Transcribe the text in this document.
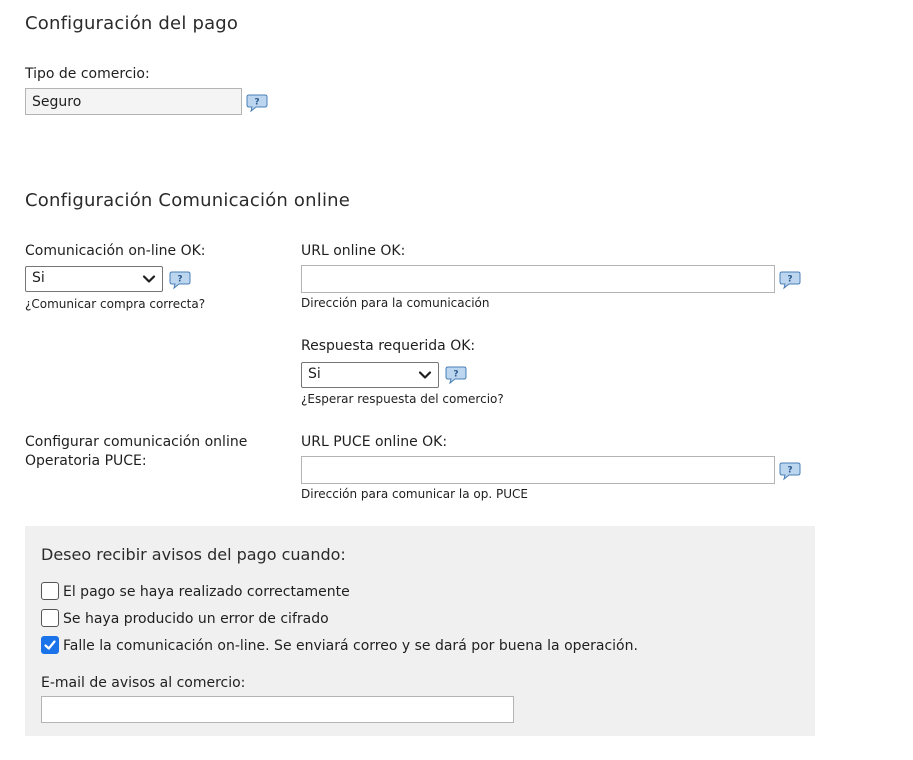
Configuración del pago
Tipo de comercio:
Seguro	?
Configuración Comunicación online
Comunicación on-line OK:
Si	?
¿Comunicar compra correcta?
URL online OK:
?
Dirección para la comunicación
Respuesta requerida OK:
Si	?
¿Esperar respuesta del comercio?
Configurar comunicación online
Operatoria PUCE:
URL PUCE online OK:
?
Dirección para comunicar la op. PUCE
Deseo recibir avisos del pago cuando:
El pago se haya realizado correctamente
Se haya producido un error de cifrado
Falle la comunicación on-line. Se enviará correo y se dará por buena la operación.
E-mail de avisos al comercio:
